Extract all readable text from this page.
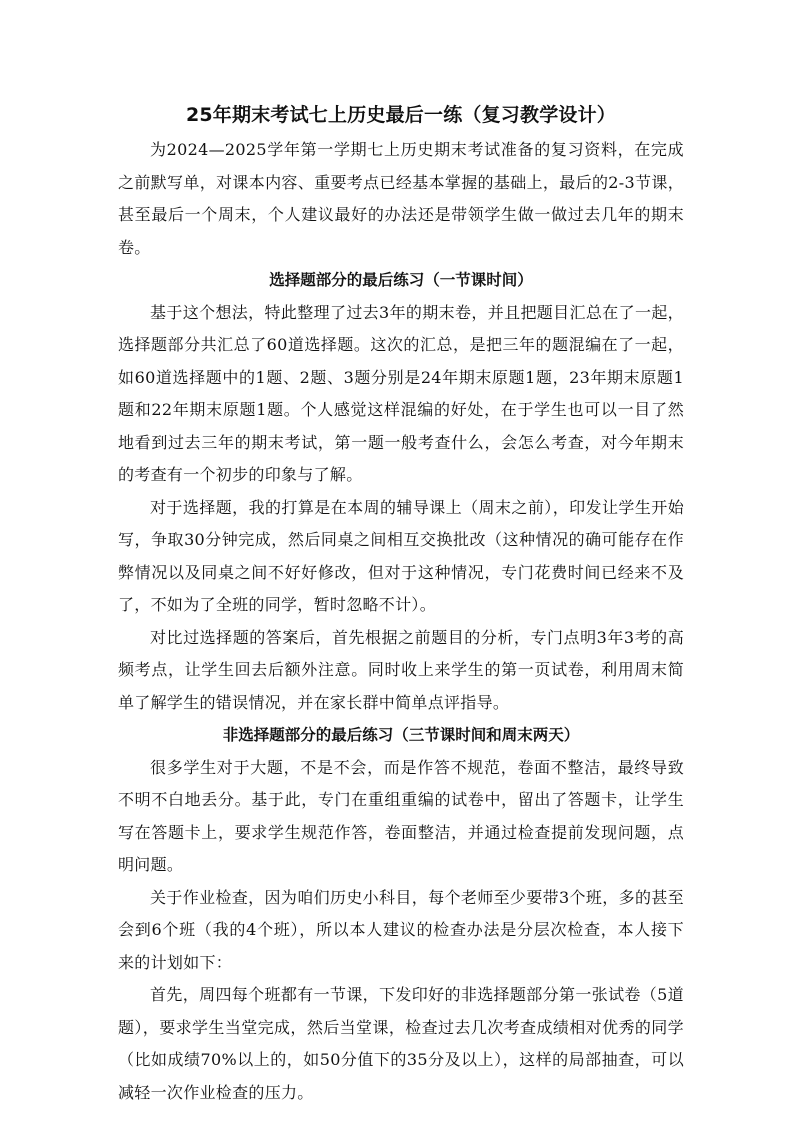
25年期末考试七上历史最后一练（复习教学设计）

为2024—2025学年第一学期七上历史期末考试准备的复习资料，在完成之前默写单，对课本内容、重要考点已经基本掌握的基础上，最后的2-3节课，甚至最后一个周末，个人建议最好的办法还是带领学生做一做过去几年的期末卷。

选择题部分的最后练习（一节课时间）

基于这个想法，特此整理了过去3年的期末卷，并且把题目汇总在了一起，选择题部分共汇总了60道选择题。这次的汇总，是把三年的题混编在了一起，如60道选择题中的1题、2题、3题分别是24年期末原题1题，23年期末原题1题和22年期末原题1题。个人感觉这样混编的好处，在于学生也可以一目了然地看到过去三年的期末考试，第一题一般考查什么，会怎么考查，对今年期末的考查有一个初步的印象与了解。

对于选择题，我的打算是在本周的辅导课上（周末之前），印发让学生开始写，争取30分钟完成，然后同桌之间相互交换批改（这种情况的确可能存在作弊情况以及同桌之间不好好修改，但对于这种情况，专门花费时间已经来不及了，不如为了全班的同学，暂时忽略不计）。

对比过选择题的答案后，首先根据之前题目的分析，专门点明3年3考的高频考点，让学生回去后额外注意。同时收上来学生的第一页试卷，利用周末简单了解学生的错误情况，并在家长群中简单点评指导。

非选择题部分的最后练习（三节课时间和周末两天）

很多学生对于大题，不是不会，而是作答不规范，卷面不整洁，最终导致不明不白地丢分。基于此，专门在重组重编的试卷中，留出了答题卡，让学生写在答题卡上，要求学生规范作答，卷面整洁，并通过检查提前发现问题，点明问题。

关于作业检查，因为咱们历史小科目，每个老师至少要带3个班，多的甚至会到6个班（我的4个班），所以本人建议的检查办法是分层次检查，本人接下来的计划如下：

首先，周四每个班都有一节课，下发印好的非选择题部分第一张试卷（5道题），要求学生当堂完成，然后当堂课，检查过去几次考查成绩相对优秀的同学（比如成绩70%以上的，如50分值下的35分及以上），这样的局部抽查，可以减轻一次作业检查的压力。
